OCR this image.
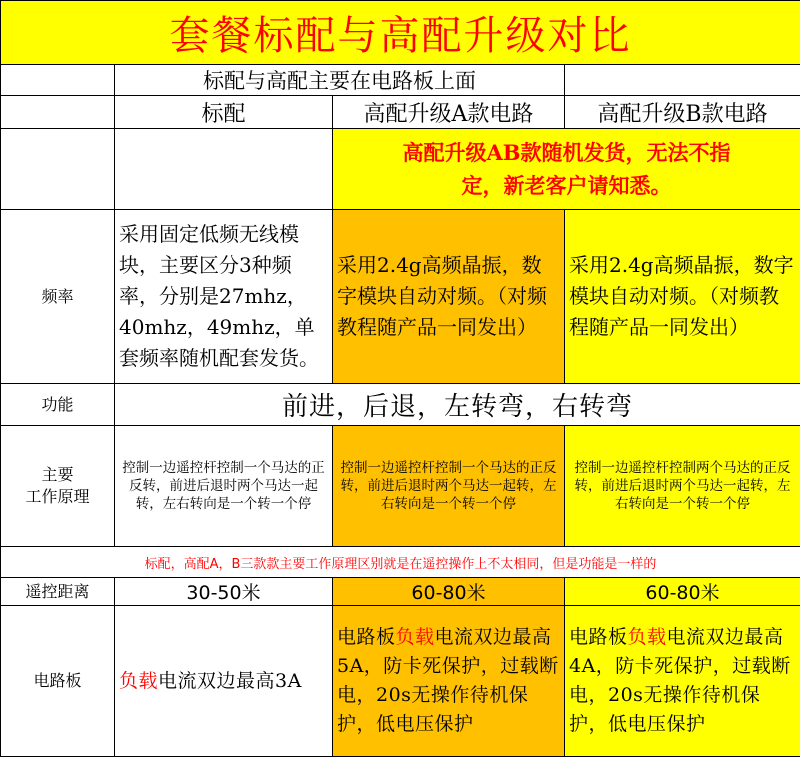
套餐标配与高配升级对比			
	标配与高配主要在电路板上面		
	标配	高配升级A款电路	高配升级B款电路

		高配升级AB款随机发货，无法不指
定，新老客户请知悉。	

频率	采用固定低频无线模块，主要区分3种频率，分别是27mhz，40mhz，49mhz，单套频率随机配套发货。	采用2.4g高频晶振，数字模块自动对频。（对频教程随产品一同发出）	采用2.4g高频晶振，数字模块自动对频。（对频教程随产品一同发出）
功能	前进，后退，左转弯，右转弯		

主要
工作原理	控制一边遥控杆控制一个马达的正反转，前进后退时两个马达一起转，左右转向是一个转一个停	控制一边遥控杆控制一个马达的正反转，前进后退时两个马达一起转，左右转向是一个转一个停	控制一边遥控杆控制两个马达的正反转，前进后退时两个马达一起转，左右转向是一个转一个停
标配，高配A，B三款款主要工作原理区别就是在遥控操作上不太相同，但是功能是一样的			
遥控距离	30-50米	60-80米	60-80米
电路板	负载电流双边最高3A	电路板负载电流双边最高5A，防卡死保护，过载断电，20s无操作待机保护，低电压保护	电路板负载电流双边最高4A，防卡死保护，过载断电，20s无操作待机保护，低电压保护
